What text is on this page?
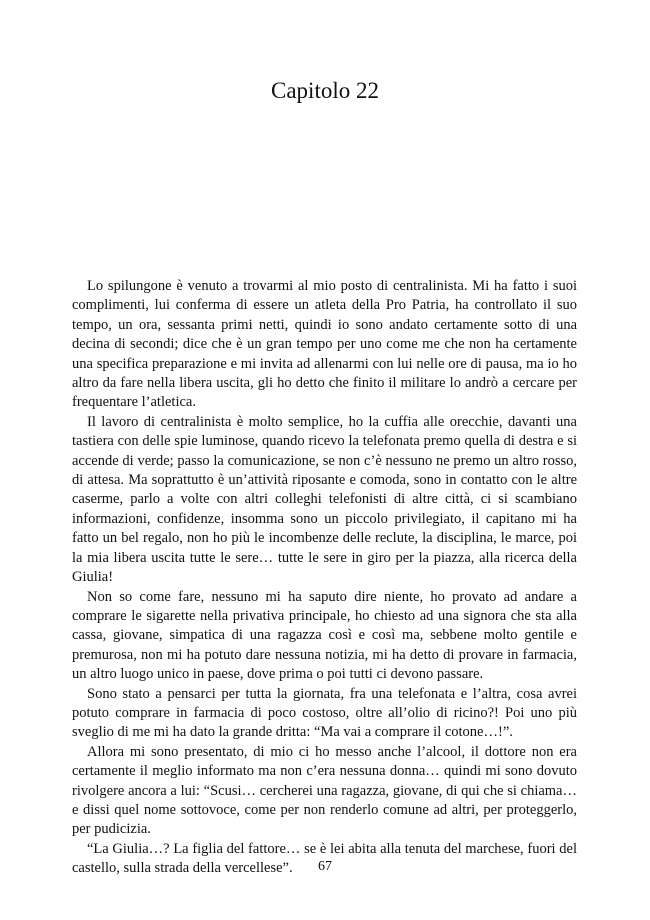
Capitolo 22

Lo spilungone è venuto a trovarmi al mio posto di centralinista. Mi ha fatto i suoi complimenti, lui conferma di essere un atleta della Pro Patria, ha controllato il suo tempo, un ora, sessanta primi netti, quindi io sono andato certamente sotto di una decina di secondi; dice che è un gran tempo per uno come me che non ha certamente una specifica preparazione e mi invita ad allenarmi con lui nelle ore di pausa, ma io ho altro da fare nella libera uscita, gli ho detto che finito il militare lo andrò a cercare per frequentare l’atletica.

Il lavoro di centralinista è molto semplice, ho la cuffia alle orecchie, davanti una tastiera con delle spie luminose, quando ricevo la telefonata premo quella di destra e si accende di verde; passo la comunicazione, se non c’è nessuno ne premo un altro rosso, di attesa. Ma soprattutto è un’attività riposante e comoda, sono in contatto con le altre caserme, parlo a volte con altri colleghi telefonisti di altre città, ci si scambiano informazioni, confidenze, insomma sono un piccolo privilegiato, il capitano mi ha fatto un bel regalo, non ho più le incombenze delle reclute, la disciplina, le marce, poi la mia libera uscita tutte le sere… tutte le sere in giro per la piazza, alla ricerca della Giulia!

Non so come fare, nessuno mi ha saputo dire niente, ho provato ad andare a comprare le sigarette nella privativa principale, ho chiesto ad una signora che sta alla cassa, giovane, simpatica di una ragazza così e così ma, sebbene molto gentile e premurosa, non mi ha potuto dare nessuna notizia, mi ha detto di provare in farmacia, un altro luogo unico in paese, dove prima o poi tutti ci devono passare.

Sono stato a pensarci per tutta la giornata, fra una telefonata e l’altra, cosa avrei potuto comprare in farmacia di poco costoso, oltre all’olio di ricino?! Poi uno più sveglio di me mi ha dato la grande dritta: “Ma vai a comprare il cotone…!”.

Allora mi sono presentato, di mio ci ho messo anche l’alcool, il dottore non era certamente il meglio informato ma non c’era nessuna donna… quindi mi sono dovuto rivolgere ancora a lui: “Scusi… cercherei una ragazza, giovane, di qui che si chiama… e dissi quel nome sottovoce, come per non renderlo comune ad altri, per proteggerlo, per pudicizia.

“La Giulia…? La figlia del fattore… se è lei abita alla tenuta del marchese, fuori del castello, sulla strada della vercellese”.	67
